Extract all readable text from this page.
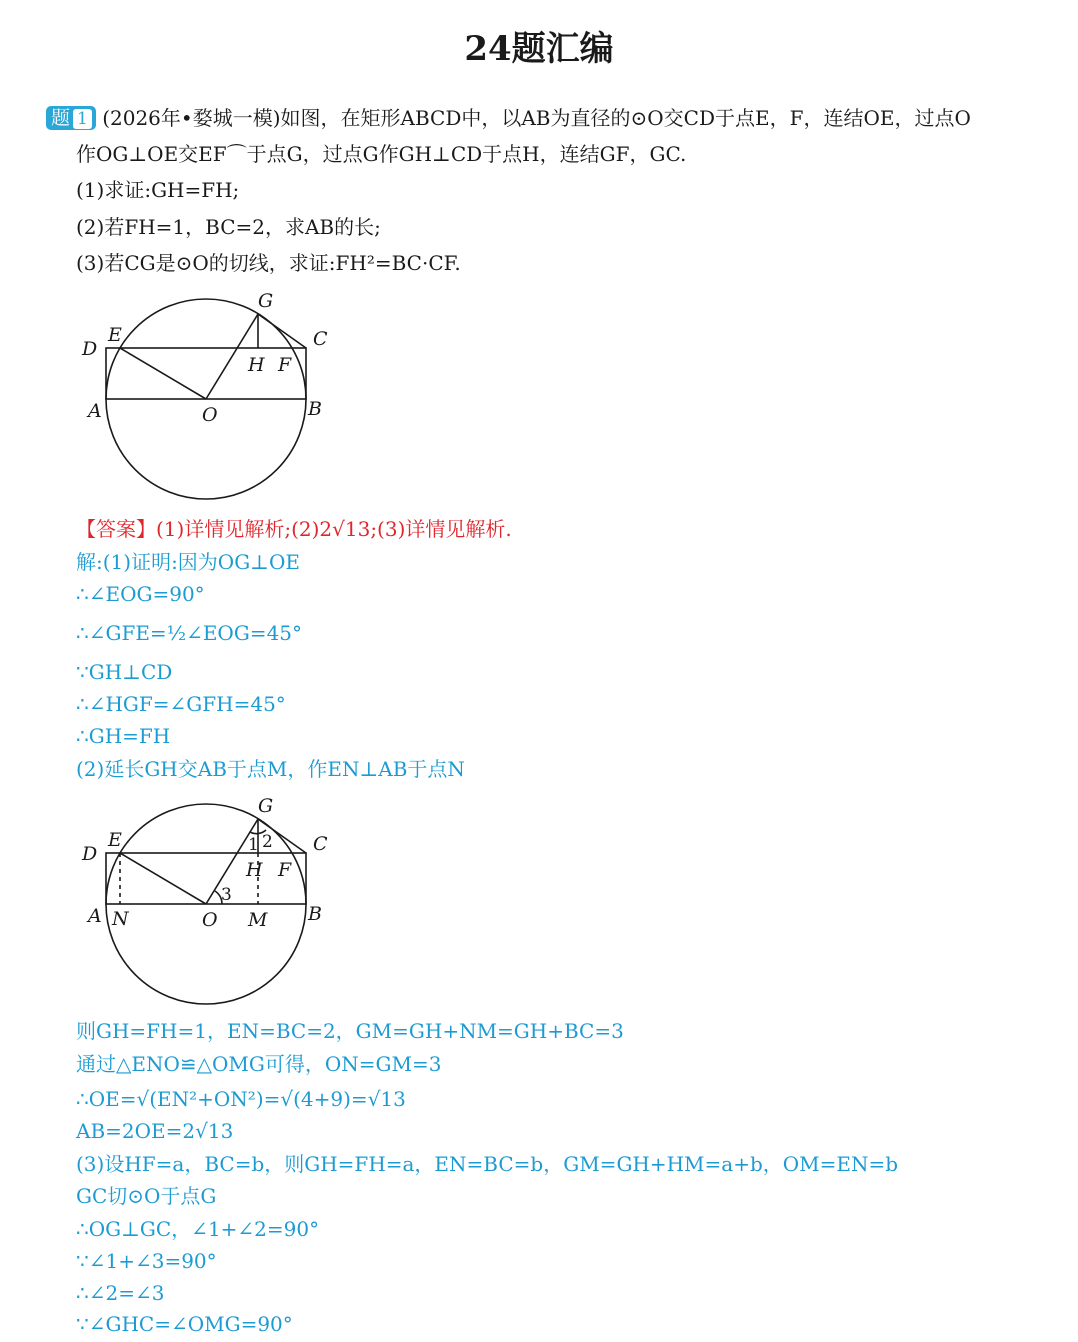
24题汇编
题 1 (2026年•婺城一模)如图，在矩形ABCD中，以AB为直径的⊙O交CD于点E，F，连结OE，过点O
作OG⊥OE交EF⌒于点G，过点G作GH⊥CD于点H，连结GF，GC.
(1)求证:GH=FH;
(2)若FH=1，BC=2，求AB的长;
(3)若CG是⊙O的切线，求证:FH²=BC·CF.
G
C
D
E
H F
A	O	B
【答案】(1)详情见解析;(2)2√13;(3)详情见解析.
解:(1)证明:因为OG⊥OE
∴∠EOG=90°
∴∠GFE=½∠EOG=45°
∵GH⊥CD
∴∠HGF=∠GFH=45°
∴GH=FH
(2)延长GH交AB于点M，作EN⊥AB于点N
G
C
D
E	1 2
H F
3
A N	O M B
则GH=FH=1，EN=BC=2，GM=GH+NM=GH+BC=3
通过△ENO≌△OMG可得，ON=GM=3
∴OE=√(EN²+ON²)=√(4+9)=√13
AB=2OE=2√13
(3)设HF=a，BC=b，则GH=FH=a，EN=BC=b，GM=GH+HM=a+b，OM=EN=b
GC切⊙O于点G
∴OG⊥GC，∠1+∠2=90°
∵∠1+∠3=90°
∴∠2=∠3
∵∠GHC=∠OMG=90°
